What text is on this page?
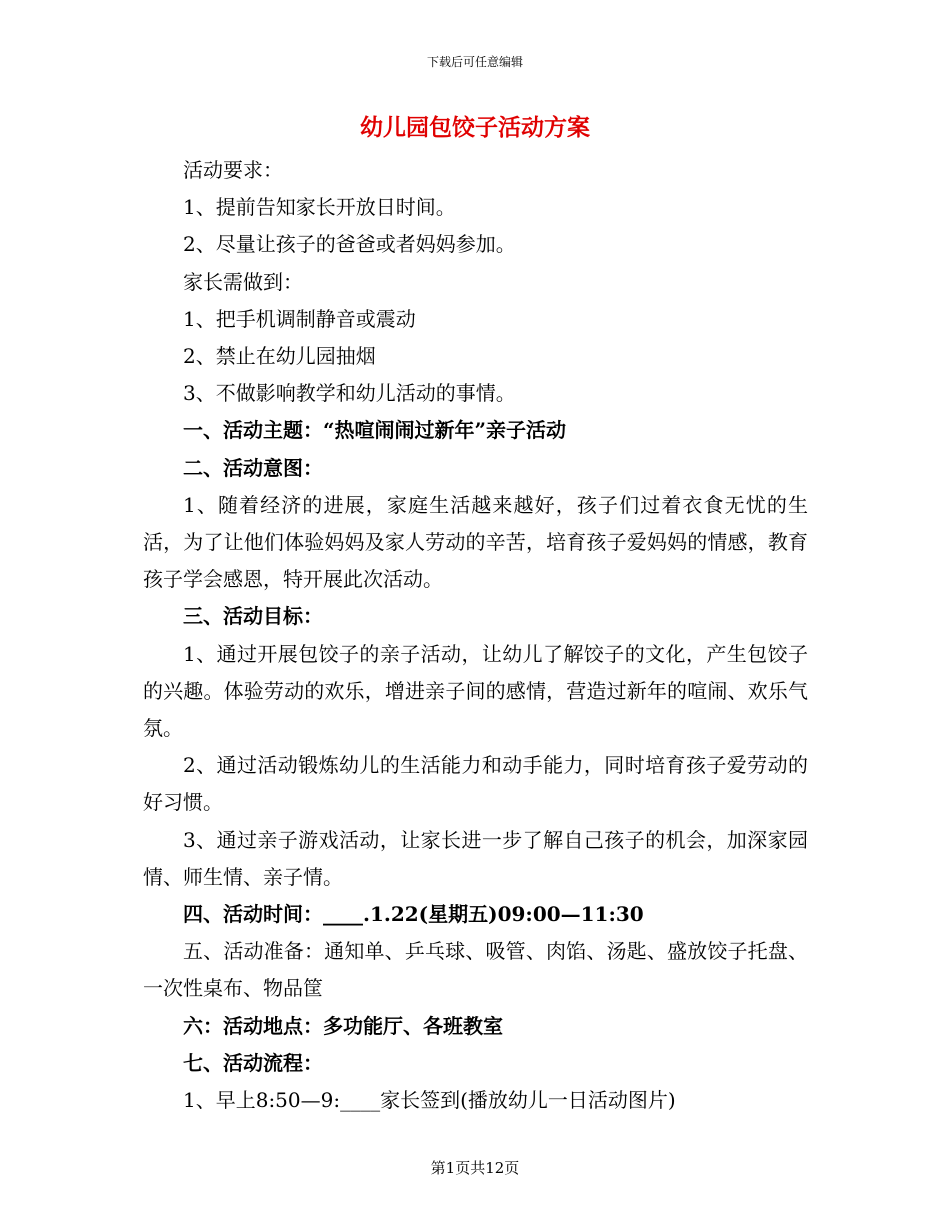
下载后可任意编辑
幼儿园包饺子活动方案

活动要求：

1、提前告知家长开放日时间。

2、尽量让孩子的爸爸或者妈妈参加。

家长需做到：

1、把手机调制静音或震动

2、禁止在幼儿园抽烟

3、不做影响教学和幼儿活动的事情。

一、活动主题：“热喧闹闹过新年”亲子活动

二、活动意图：

1、随着经济的进展，家庭生活越来越好，孩子们过着衣食无忧的生活，为了让他们体验妈妈及家人劳动的辛苦，培育孩子爱妈妈的情感，教育孩子学会感恩，特开展此次活动。

三、活动目标：

1、通过开展包饺子的亲子活动，让幼儿了解饺子的文化，产生包饺子的兴趣。体验劳动的欢乐，增进亲子间的感情，营造过新年的喧闹、欢乐气氛。

2、通过活动锻炼幼儿的生活能力和动手能力，同时培育孩子爱劳动的好习惯。

3、通过亲子游戏活动，让家长进一步了解自己孩子的机会，加深家园情、师生情、亲子情。

四、活动时间：____.1.22(星期五)09:00—11:30

五、活动准备：通知单、乒乓球、吸管、肉馅、汤匙、盛放饺子托盘、一次性桌布、物品筐

六：活动地点：多功能厅、各班教室

七、活动流程：

1、早上8:50—9:____家长签到(播放幼儿一日活动图片)

第1页共12页
